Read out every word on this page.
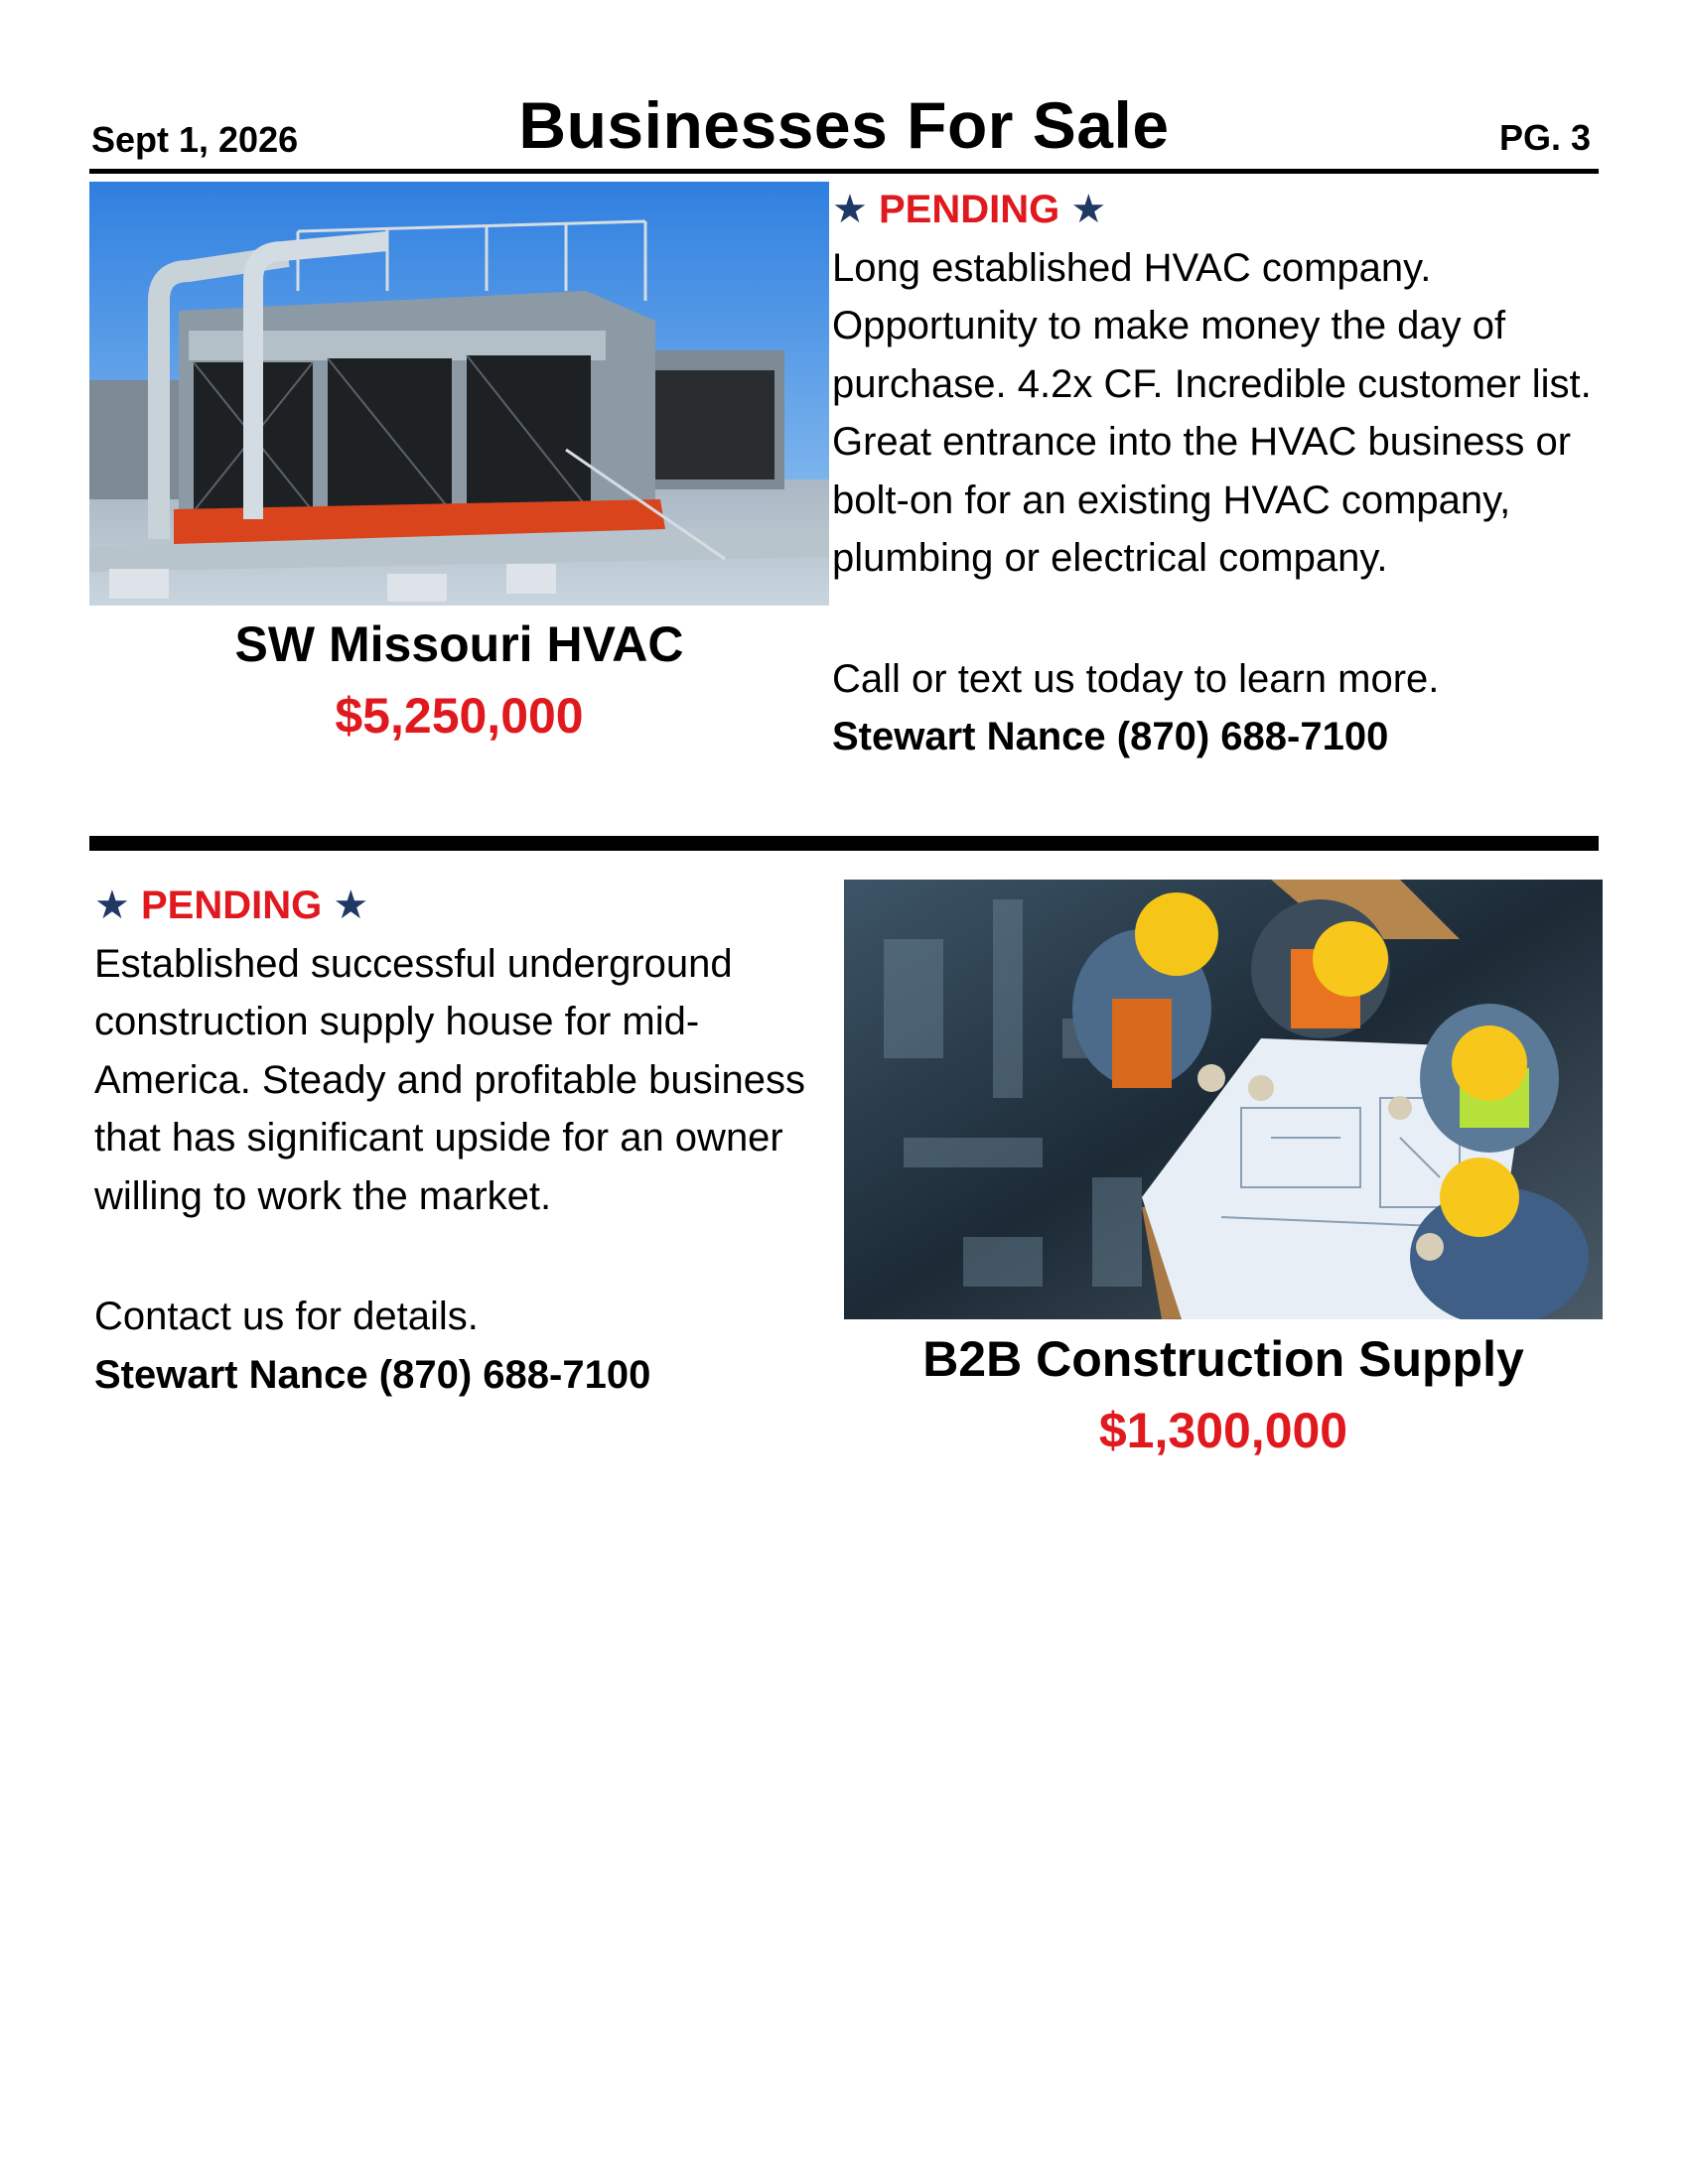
Sept 1, 2026	Businesses For Sale	PG. 3
SW Missouri HVAC
$5,250,000
★ PENDING ★
Long established HVAC company. Opportunity to make money the day of purchase. 4.2x CF. Incredible customer list. Great entrance into the HVAC business or bolt-on for an existing HVAC company, plumbing or electrical company.
Call or text us today to learn more.
Stewart Nance (870) 688-7100
★ PENDING ★
Established successful underground construction supply house for mid-America. Steady and profitable business that has significant upside for an owner willing to work the market.
Contact us for details.
Stewart Nance (870) 688-7100	B2B Construction Supply
$1,300,000
